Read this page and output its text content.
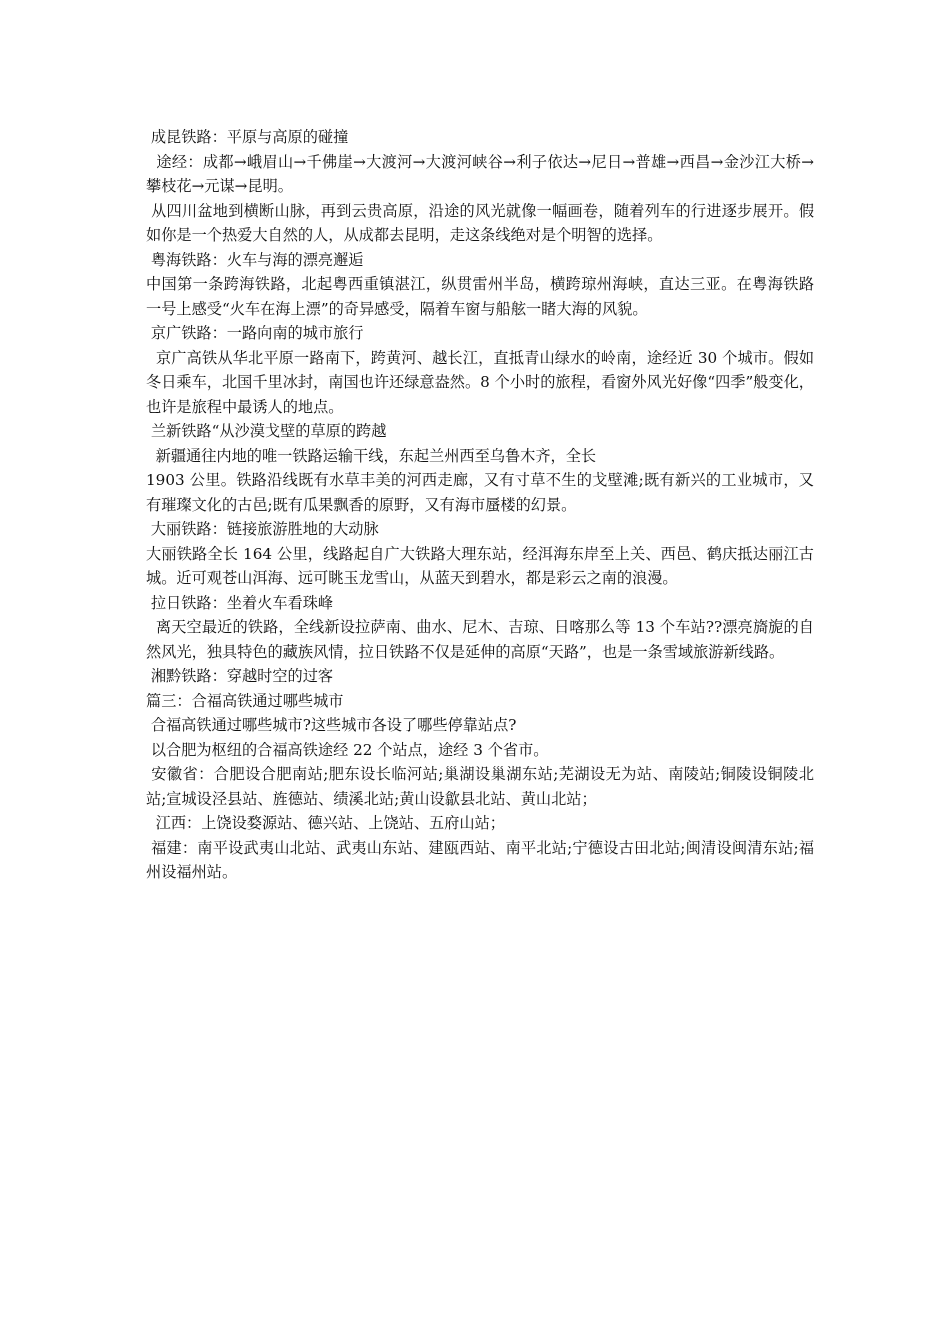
成昆铁路：平原与高原的碰撞

途经：成都→峨眉山→千佛崖→大渡河→大渡河峡谷→利子依达→尼日→普雄→西昌→金沙江大桥→攀枝花→元谋→昆明。

从四川盆地到横断山脉，再到云贵高原，沿途的风光就像一幅画卷，随着列车的行进逐步展开。假如你是一个热爱大自然的人，从成都去昆明，走这条线绝对是个明智的选择。

粤海铁路：火车与海的漂亮邂逅

中国第一条跨海铁路，北起粤西重镇湛江，纵贯雷州半岛，横跨琼州海峡，直达三亚。在粤海铁路一号上感受“火车在海上漂”的奇异感受，隔着车窗与船舷一睹大海的风貌。

京广铁路：一路向南的城市旅行

京广高铁从华北平原一路南下，跨黄河、越长江，直抵青山绿水的岭南，途经近 30 个城市。假如冬日乘车，北国千里冰封，南国也许还绿意盎然。8 个小时的旅程，看窗外风光好像“四季”般变化，也许是旅程中最诱人的地点。

兰新铁路“从沙漠戈壁的草原的跨越

新疆通往内地的唯一铁路运输干线，东起兰州西至乌鲁木齐，全长

1903 公里。铁路沿线既有水草丰美的河西走廊，又有寸草不生的戈壁滩;既有新兴的工业城市，又有璀璨文化的古邑;既有瓜果飘香的原野，又有海市蜃楼的幻景。

大丽铁路：链接旅游胜地的大动脉

大丽铁路全长 164 公里，线路起自广大铁路大理东站，经洱海东岸至上关、西邑、鹤庆抵达丽江古城。近可观苍山洱海、远可眺玉龙雪山，从蓝天到碧水，都是彩云之南的浪漫。

拉日铁路：坐着火车看珠峰

离天空最近的铁路，全线新设拉萨南、曲水、尼木、吉琼、日喀那么等 13 个车站??漂亮旖旎的自然风光，独具特色的藏族风情，拉日铁路不仅是延伸的高原“天路”，也是一条雪域旅游新线路。

湘黔铁路：穿越时空的过客

篇三：合福高铁通过哪些城市

合福高铁通过哪些城市?这些城市各设了哪些停靠站点?

以合肥为枢纽的合福高铁途经 22 个站点，途经 3 个省市。

安徽省：合肥设合肥南站;肥东设长临河站;巢湖设巢湖东站;芜湖设无为站、南陵站;铜陵设铜陵北站;宣城设泾县站、旌德站、绩溪北站;黄山设歙县北站、黄山北站；

江西：上饶设婺源站、德兴站、上饶站、五府山站；

福建：南平设武夷山北站、武夷山东站、建瓯西站、南平北站;宁德设古田北站;闽清设闽清东站;福州设福州站。
